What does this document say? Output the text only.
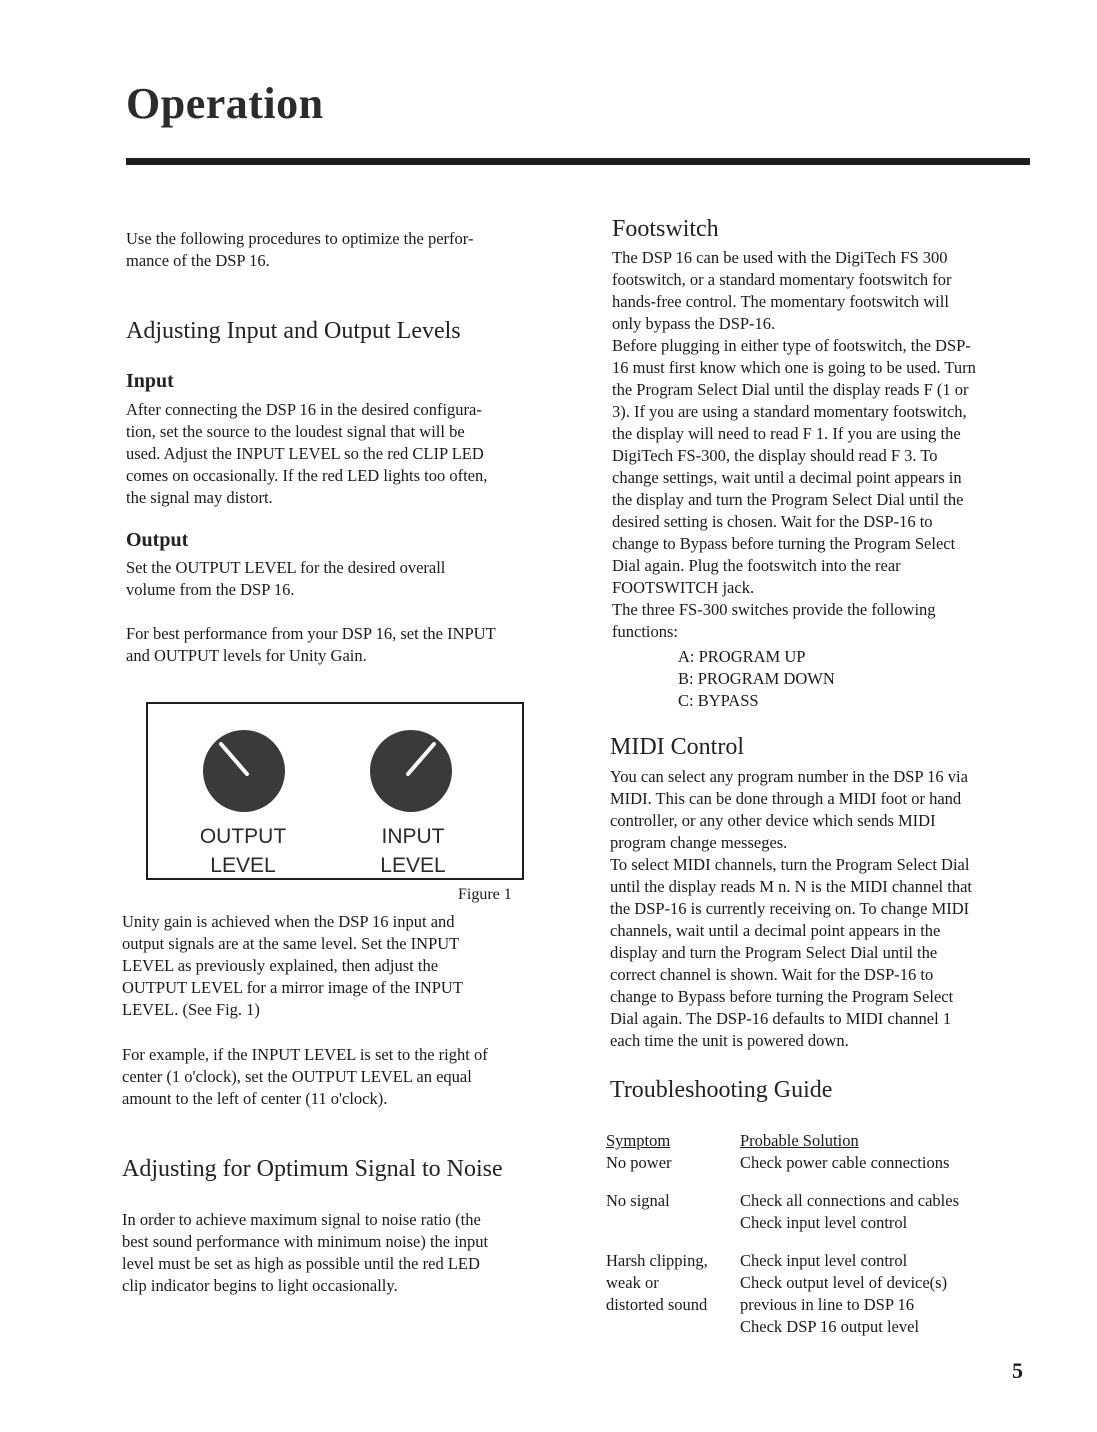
Operation

Use the following procedures to optimize the perfor-
mance of the DSP 16.

Adjusting Input and Output Levels
Input

After connecting the DSP 16 in the desired configura-
tion, set the source to the loudest signal that will be
used. Adjust the INPUT LEVEL so the red CLIP LED
comes on occasionally. If the red LED lights too often,
the signal may distort.

Output

Set the OUTPUT LEVEL for the desired overall
volume from the DSP 16.

For best performance from your DSP 16, set the INPUT
and OUTPUT levels for Unity Gain.

OUTPUT
LEVEL
INPUT
LEVEL
Figure 1

Unity gain is achieved when the DSP 16 input and
output signals are at the same level. Set the INPUT
LEVEL as previously explained, then adjust the
OUTPUT LEVEL for a mirror image of the INPUT
LEVEL. (See Fig. 1)

For example, if the INPUT LEVEL is set to the right of
center (1 o'clock), set the OUTPUT LEVEL an equal
amount to the left of center (11 o'clock).

Adjusting for Optimum Signal to Noise

In order to achieve maximum signal to noise ratio (the
best sound performance with minimum noise) the input
level must be set as high as possible until the red LED
clip indicator begins to light occasionally.

Footswitch

The DSP 16 can be used with the DigiTech FS 300
footswitch, or a standard momentary footswitch for
hands-free control. The momentary footswitch will
only bypass the DSP-16.
Before plugging in either type of footswitch, the DSP-
16 must first know which one is going to be used. Turn
the Program Select Dial until the display reads F (1 or
3). If you are using a standard momentary footswitch,
the display will need to read F 1. If you are using the
DigiTech FS-300, the display should read F 3. To
change settings, wait until a decimal point appears in
the display and turn the Program Select Dial until the
desired setting is chosen. Wait for the DSP-16 to
change to Bypass before turning the Program Select
Dial again. Plug the footswitch into the rear
FOOTSWITCH jack.
The three FS-300 switches provide the following
functions:

A: PROGRAM UP
B: PROGRAM DOWN
C: BYPASS
MIDI Control

You can select any program number in the DSP 16 via
MIDI. This can be done through a MIDI foot or hand
controller, or any other device which sends MIDI
program change messeges.
To select MIDI channels, turn the Program Select Dial
until the display reads M n. N is the MIDI channel that
the DSP-16 is currently receiving on. To change MIDI
channels, wait until a decimal point appears in the
display and turn the Program Select Dial until the
correct channel is shown. Wait for the DSP-16 to
change to Bypass before turning the Program Select
Dial again. The DSP-16 defaults to MIDI channel 1
each time the unit is powered down.

Troubleshooting Guide
Symptom	Probable Solution
No power	Check power cable connections
No signal	Check all connections and cables
Check input level control
Harsh clipping,
weak or
distorted sound	Check input level control
Check output level of device(s)
previous in line to DSP 16
Check DSP 16 output level
5
